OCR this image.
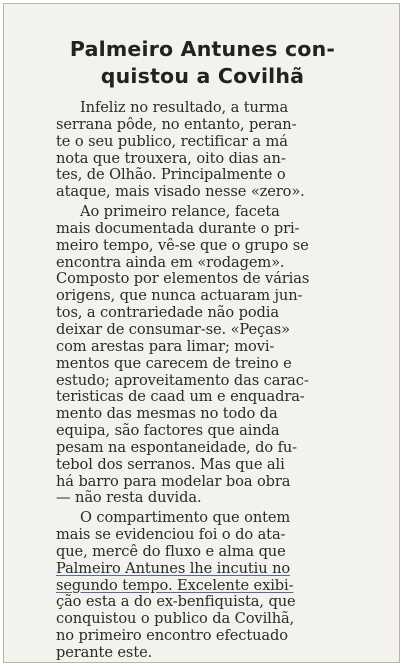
Palmeiro Antunes con-
quistou a Covilhã

Infeliz no resultado, a turma
serrana pôde, no entanto, peran-
te o seu publico, rectificar a má
nota que trouxera, oito dias an-
tes, de Olhão. Principalmente o
ataque, mais visado nesse «zero».

Ao primeiro relance, faceta
mais documentada durante o pri-
meiro tempo, vê-se que o grupo se
encontra ainda em «rodagem».
Composto por elementos de várias
origens, que nunca actuaram jun-
tos, a contrariedade não podia
deixar de consumar-se. «Peças»
com arestas para limar; movi-
mentos que carecem de treino e
estudo; aproveitamento das carac-
teristicas de caad um e enquadra-
mento das mesmas no todo da
equipa, são factores que ainda
pesam na espontaneidade, do fu-
tebol dos serranos. Mas que ali
há barro para modelar boa obra
— não resta duvida.

O compartimento que ontem
mais se evidenciou foi o do ata-
que, mercê do fluxo e alma que
Palmeiro Antunes lhe incutiu no
segundo tempo. Excelente exibi-
ção esta a do ex-benfiquista, que
conquistou o publico da Covilhã,
no primeiro encontro efectuado
perante este.
